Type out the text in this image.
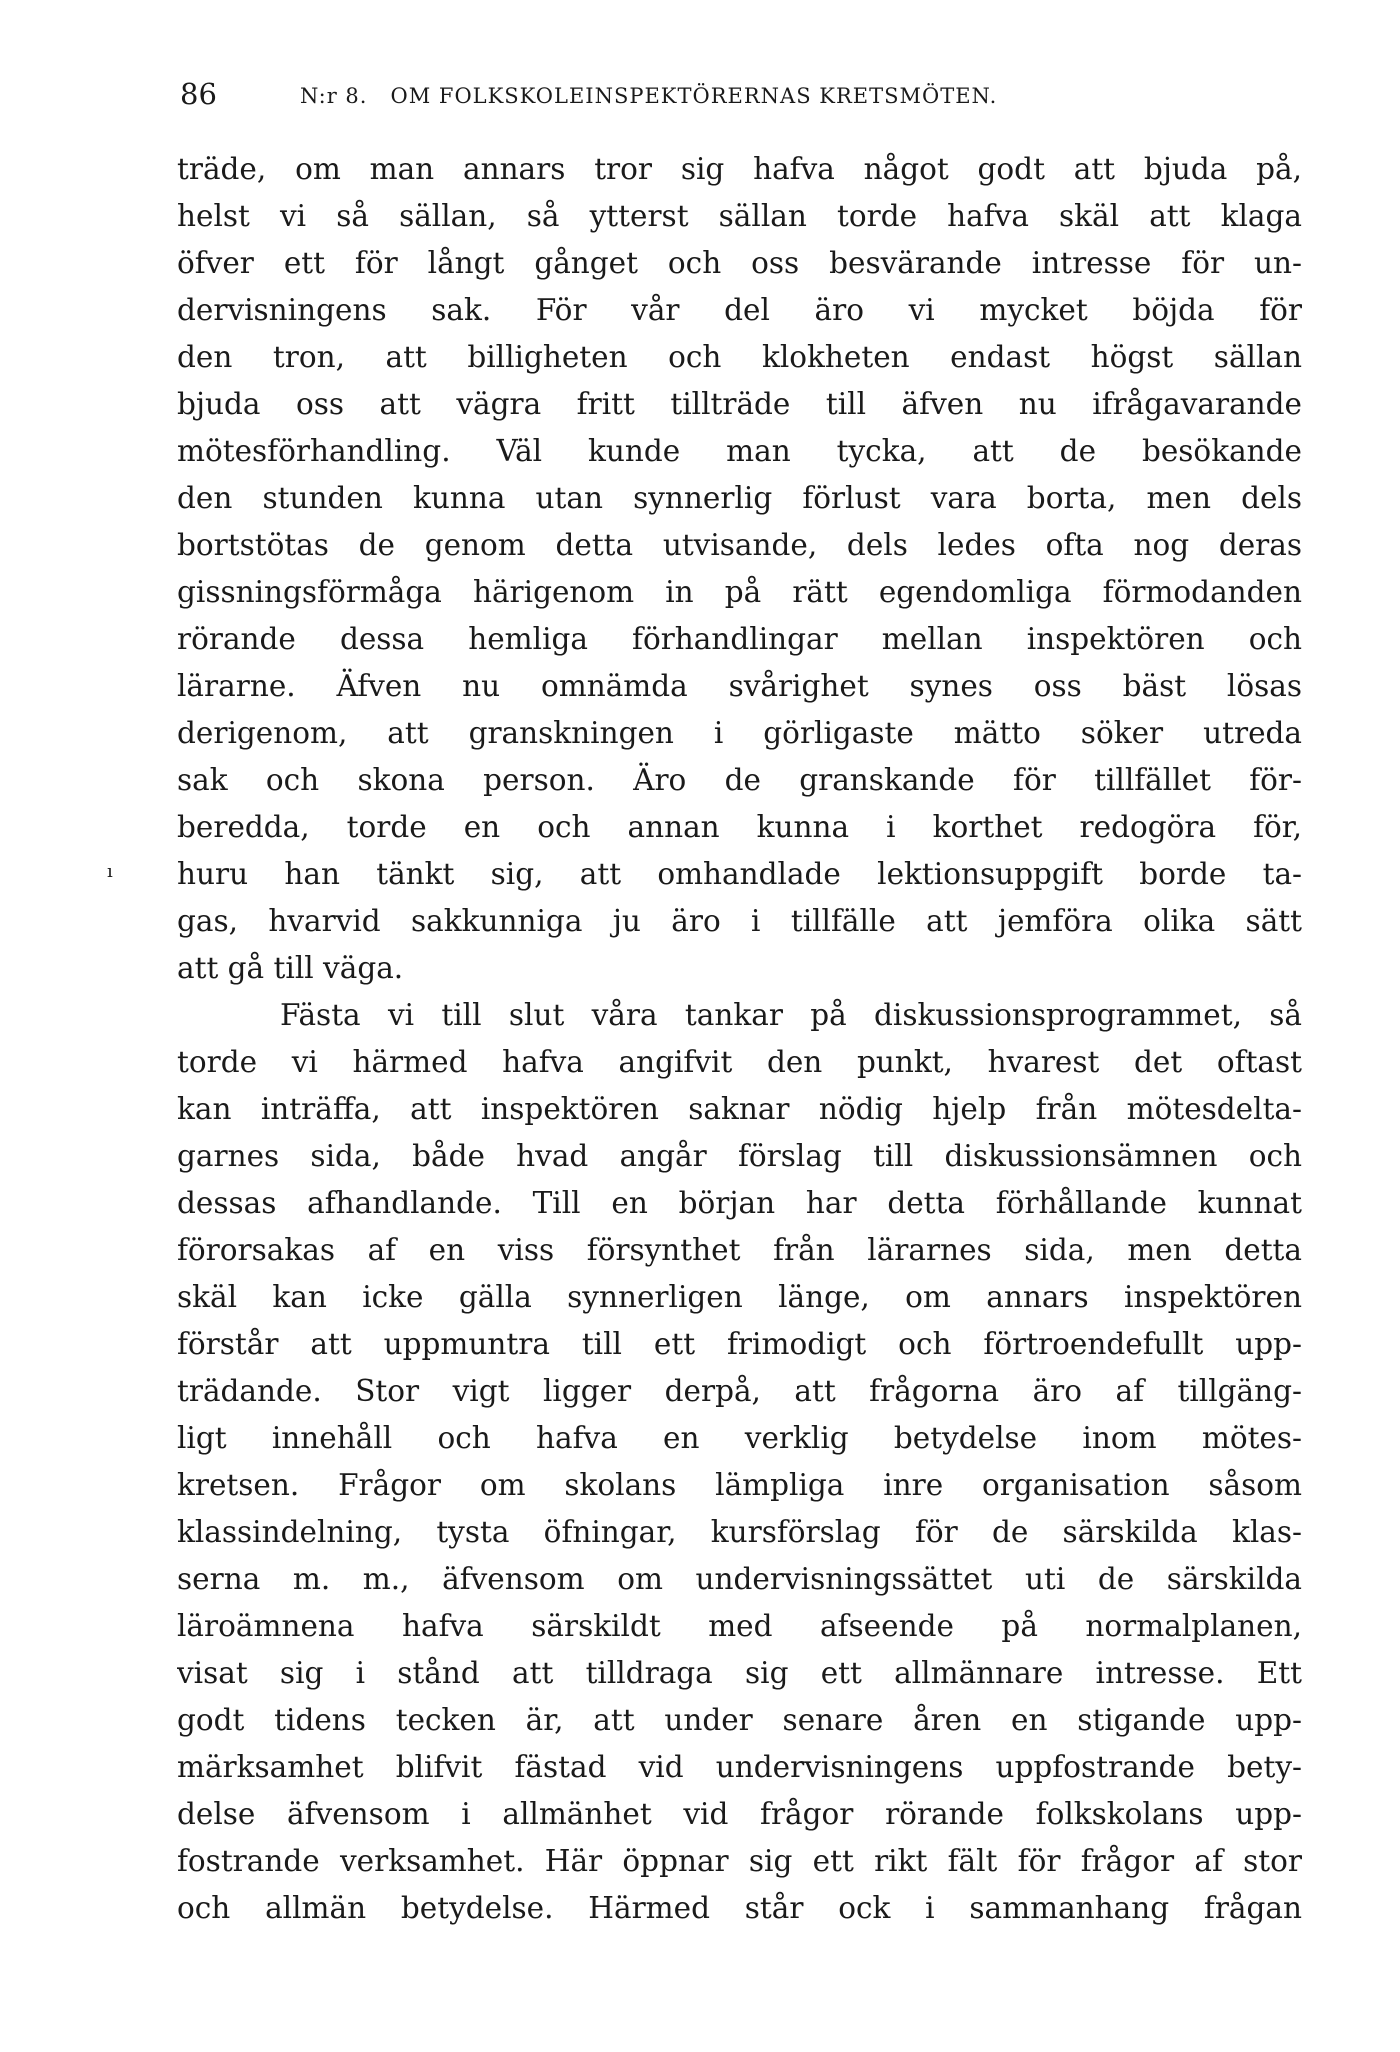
86	N:r 8.   OM FOLKSKOLEINSPEKTÖRERNAS KRETSMÖTEN.
ı
träde, om man annars tror sig hafva något godt att bjuda på,
helst vi så sällan, så ytterst sällan torde hafva skäl att klaga
öfver ett för långt gånget och oss besvärande intresse för un-
dervisningens sak. För vår del äro vi mycket böjda för
den tron, att billigheten och klokheten endast högst sällan
bjuda oss att vägra fritt tillträde till äfven nu ifrågavarande
mötesförhandling. Väl kunde man tycka, att de besökande
den stunden kunna utan synnerlig förlust vara borta, men dels
bortstötas de genom detta utvisande, dels ledes ofta nog deras
gissningsförmåga härigenom in på rätt egendomliga förmodanden
rörande dessa hemliga förhandlingar mellan inspektören och
lärarne. Äfven nu omnämda svårighet synes oss bäst lösas
derigenom, att granskningen i görligaste mätto söker utreda
sak och skona person. Äro de granskande för tillfället för-
beredda, torde en och annan kunna i korthet redogöra för,
huru han tänkt sig, att omhandlade lektionsuppgift borde ta-
gas, hvarvid sakkunniga ju äro i tillfälle att jemföra olika sätt
att gå till väga.
Fästa vi till slut våra tankar på diskussionsprogrammet, så
torde vi härmed hafva angifvit den punkt, hvarest det oftast
kan inträffa, att inspektören saknar nödig hjelp från mötesdelta-
garnes sida, både hvad angår förslag till diskussionsämnen och
dessas afhandlande. Till en början har detta förhållande kunnat
förorsakas af en viss försynthet från lärarnes sida, men detta
skäl kan icke gälla synnerligen länge, om annars inspektören
förstår att uppmuntra till ett frimodigt och förtroendefullt upp-
trädande. Stor vigt ligger derpå, att frågorna äro af tillgäng-
ligt innehåll och hafva en verklig betydelse inom mötes-
kretsen. Frågor om skolans lämpliga inre organisation såsom
klassindelning, tysta öfningar, kursförslag för de särskilda klas-
serna m. m., äfvensom om undervisningssättet uti de särskilda
läroämnena hafva särskildt med afseende på normalplanen,
visat sig i stånd att tilldraga sig ett allmännare intresse. Ett
godt tidens tecken är, att under senare åren en stigande upp-
märksamhet blifvit fästad vid undervisningens uppfostrande bety-
delse äfvensom i allmänhet vid frågor rörande folkskolans upp-
fostrande verksamhet. Här öppnar sig ett rikt fält för frågor af stor
och allmän betydelse. Härmed står ock i sammanhang frågan
